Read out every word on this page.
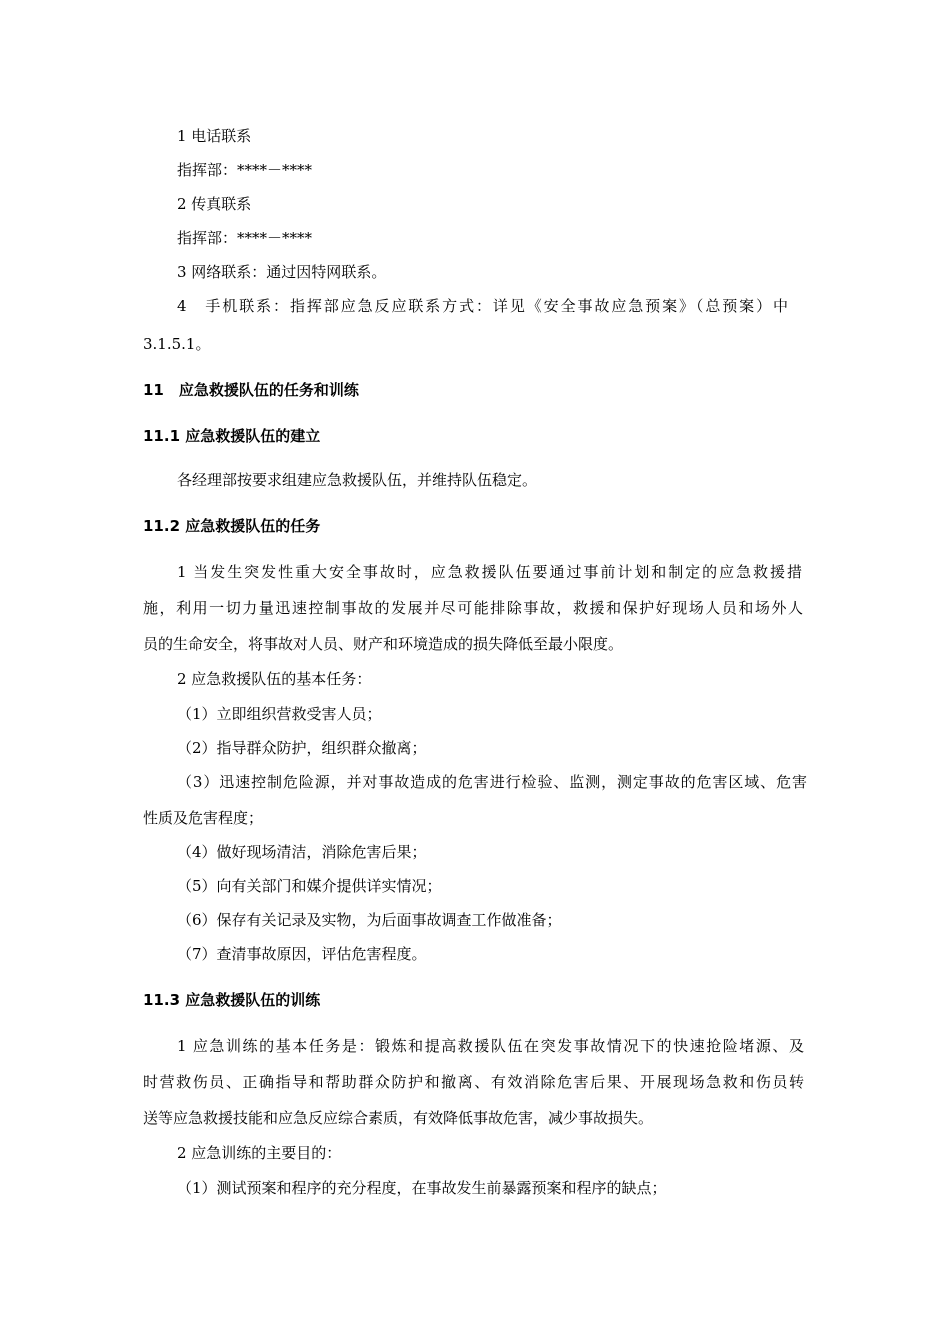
1 电话联系
指挥部：****－****
2 传真联系
指挥部：****－****
3 网络联系：通过因特网联系。
4　手机联系：指挥部应急反应联系方式：详见《安全事故应急预案》（总预案）中
3.1.5.1。
11　应急救援队伍的任务和训练
11.1 应急救援队伍的建立
各经理部按要求组建应急救援队伍，并维持队伍稳定。
11.2 应急救援队伍的任务
1 当发生突发性重大安全事故时，应急救援队伍要通过事前计划和制定的应急救援措
施，利用一切力量迅速控制事故的发展并尽可能排除事故，救援和保护好现场人员和场外人
员的生命安全，将事故对人员、财产和环境造成的损失降低至最小限度。
2 应急救援队伍的基本任务：
（1）立即组织营救受害人员；
（2）指导群众防护，组织群众撤离；
（3）迅速控制危险源，并对事故造成的危害进行检验、监测，测定事故的危害区域、危害
性质及危害程度；
（4）做好现场清洁，消除危害后果；
（5）向有关部门和媒介提供详实情况；
（6）保存有关记录及实物，为后面事故调查工作做准备；
（7）查清事故原因，评估危害程度。
11.3 应急救援队伍的训练
1 应急训练的基本任务是：锻炼和提高救援队伍在突发事故情况下的快速抢险堵源、及
时营救伤员、正确指导和帮助群众防护和撤离、有效消除危害后果、开展现场急救和伤员转
送等应急救援技能和应急反应综合素质，有效降低事故危害，减少事故损失。
2 应急训练的主要目的：
（1）测试预案和程序的充分程度，在事故发生前暴露预案和程序的缺点；
